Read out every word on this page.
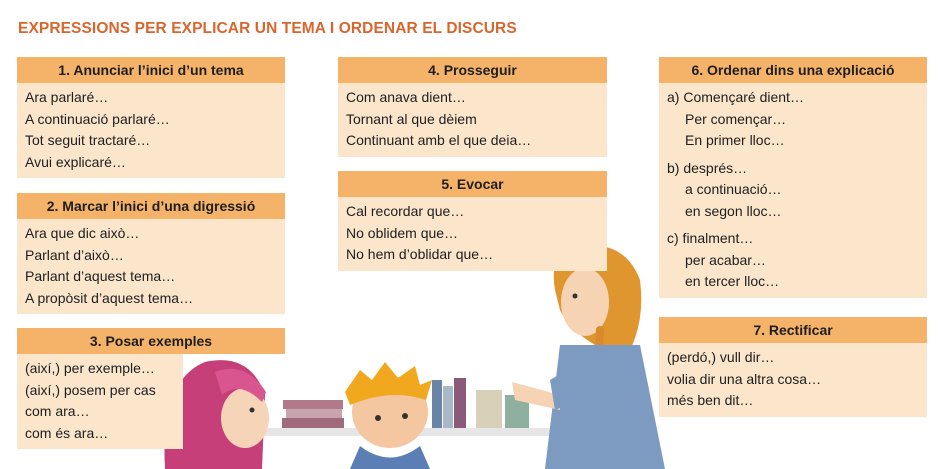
EXPRESSIONS PER EXPLICAR UN TEMA I ORDENAR EL DISCURS
1. Anunciar l’inici d’un tema
Ara parlaré…
A continuació parlaré…
Tot seguit tractaré…
Avui explicaré…
2. Marcar l’inici d’una digressió
Ara que dic això…
Parlant d’això…
Parlant d’aquest tema…
A propòsit d’aquest tema…
3. Posar exemples
(així,) per exemple…
(així,) posem per cas
com ara…
com és ara…
4. Prosseguir
Com anava dient…
Tornant al que dèiem
Continuant amb el que deia…
5. Evocar
Cal recordar que…
No oblidem que…
No hem d’oblidar que…
6. Ordenar dins una explicació
a) Començaré dient…
Per començar…
En primer lloc…
b) després…
a continuació…
en segon lloc…
c) finalment…
per acabar…
en tercer lloc…
7. Rectificar
(perdó,) vull dir…
volia dir una altra cosa…
més ben dit…
